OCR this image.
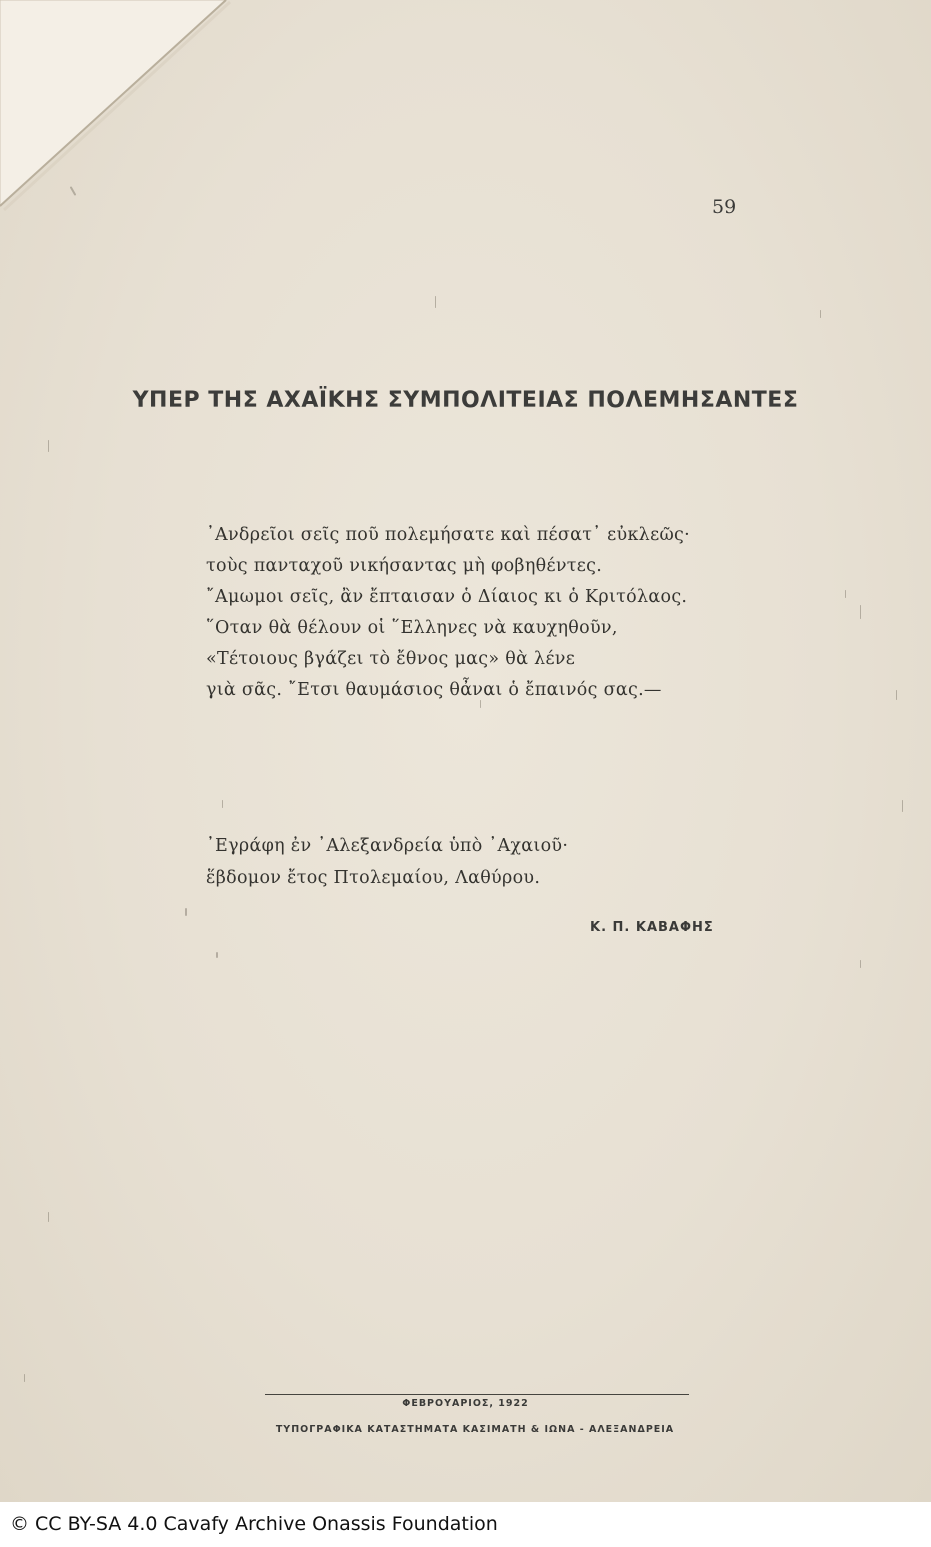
59
ΥΠΕΡ ΤΗΣ ΑΧΑΪΚΗΣ ΣΥΜΠΟΛΙΤΕΙΑΣ ΠΟΛΕΜΗΣΑΝΤΕΣ
᾿Ανδρεῖοι σεῖς ποῦ πολεμήσατε καὶ πέσατ᾿ εὐκλεῶς·
τοὺς πανταχοῦ νικήσαντας μὴ φοβηθέντες.
῎Αμωμοι σεῖς, ἂν ἔπταισαν ὁ Δίαιος κι ὁ Κριτόλαος.
῞Οταν θὰ θέλουν οἱ ῞Ελληνες νὰ καυχηθοῦν,
«Τέτοιους βγάζει τὸ ἔθνος μας» θὰ λένε
γιὰ σᾶς. ῎Ετσι θαυμάσιος θἆναι ὁ ἔπαινός σας.—
᾿Εγράφη ἐν ᾿Αλεξανδρεία ὑπὸ ᾿Αχαιοῦ·
ἕβδομον ἔτος Πτολεμαίου, Λαθύρου.
Κ. Π. ΚΑΒΑΦΗΣ
ΦΕΒΡΟΥΑΡΙΟΣ, 1922
ΤΥΠΟΓΡΑΦΙΚΑ ΚΑΤΑΣΤΗΜΑΤΑ ΚΑΣΙΜΑΤΗ & ΙΩΝΑ - ΑΛΕΞΑΝΔΡΕΙΑ
© CC BY-SA 4.0 Cavafy Archive Onassis Foundation
